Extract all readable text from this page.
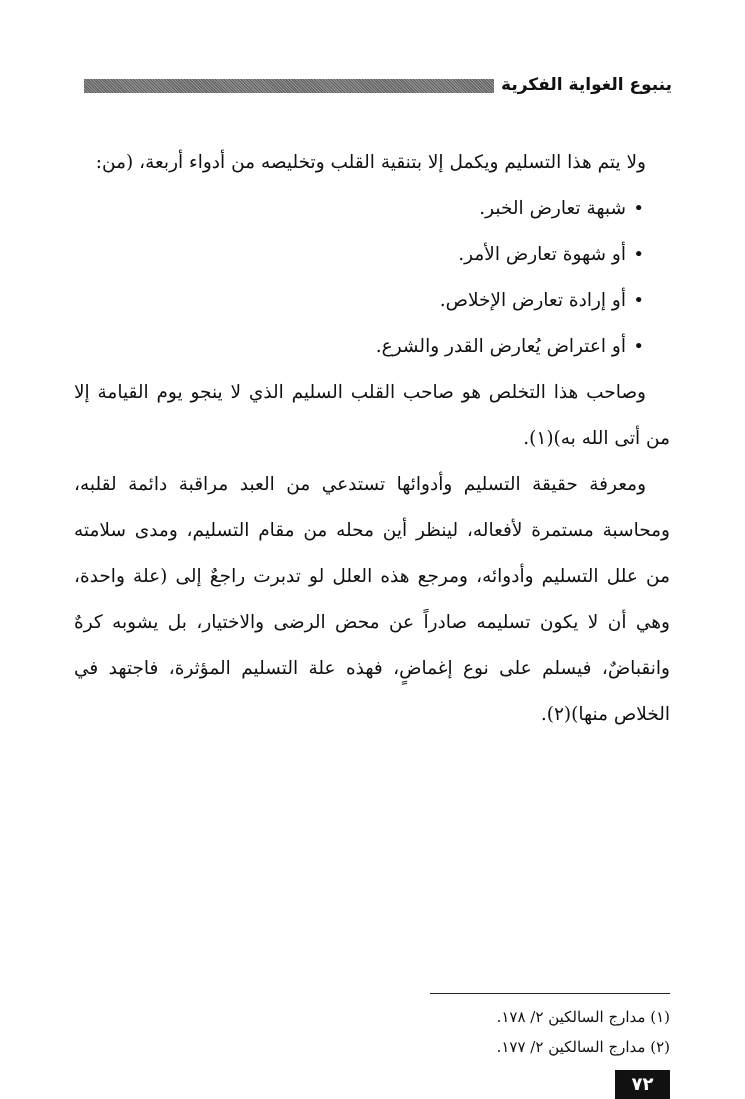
ينبوع الغواية الفكرية

ولا يتم هذا التسليم ويكمل إلا بتنقية القلب وتخليصه من أدواء أربعة، (من:

• شبهة تعارض الخبر.
• أو شهوة تعارض الأمر.
• أو إرادة تعارض الإخلاص.
• أو اعتراض يُعارض القدر والشرع.

وصاحب هذا التخلص هو صاحب القلب السليم الذي لا ينجو يوم القيامة إلا من أتى الله به)(١).

ومعرفة حقيقة التسليم وأدوائها تستدعي من العبد مراقبة دائمة لقلبه، ومحاسبة مستمرة لأفعاله، لينظر أين محله من مقام التسليم، ومدى سلامته من علل التسليم وأدوائه، ومرجع هذه العلل لو تدبرت راجعٌ إلى (علة واحدة، وهي أن لا يكون تسليمه صادراً عن محض الرضى والاختيار، بل يشوبه كرهٌ وانقباضٌ، فيسلم على نوع إغماضٍ، فهذه علة التسليم المؤثرة، فاجتهد في الخلاص منها)(٢).

(١) مدارج السالكين ٢/ ١٧٨.
(٢) مدارج السالكين ٢/ ١٧٧.
٧٢
